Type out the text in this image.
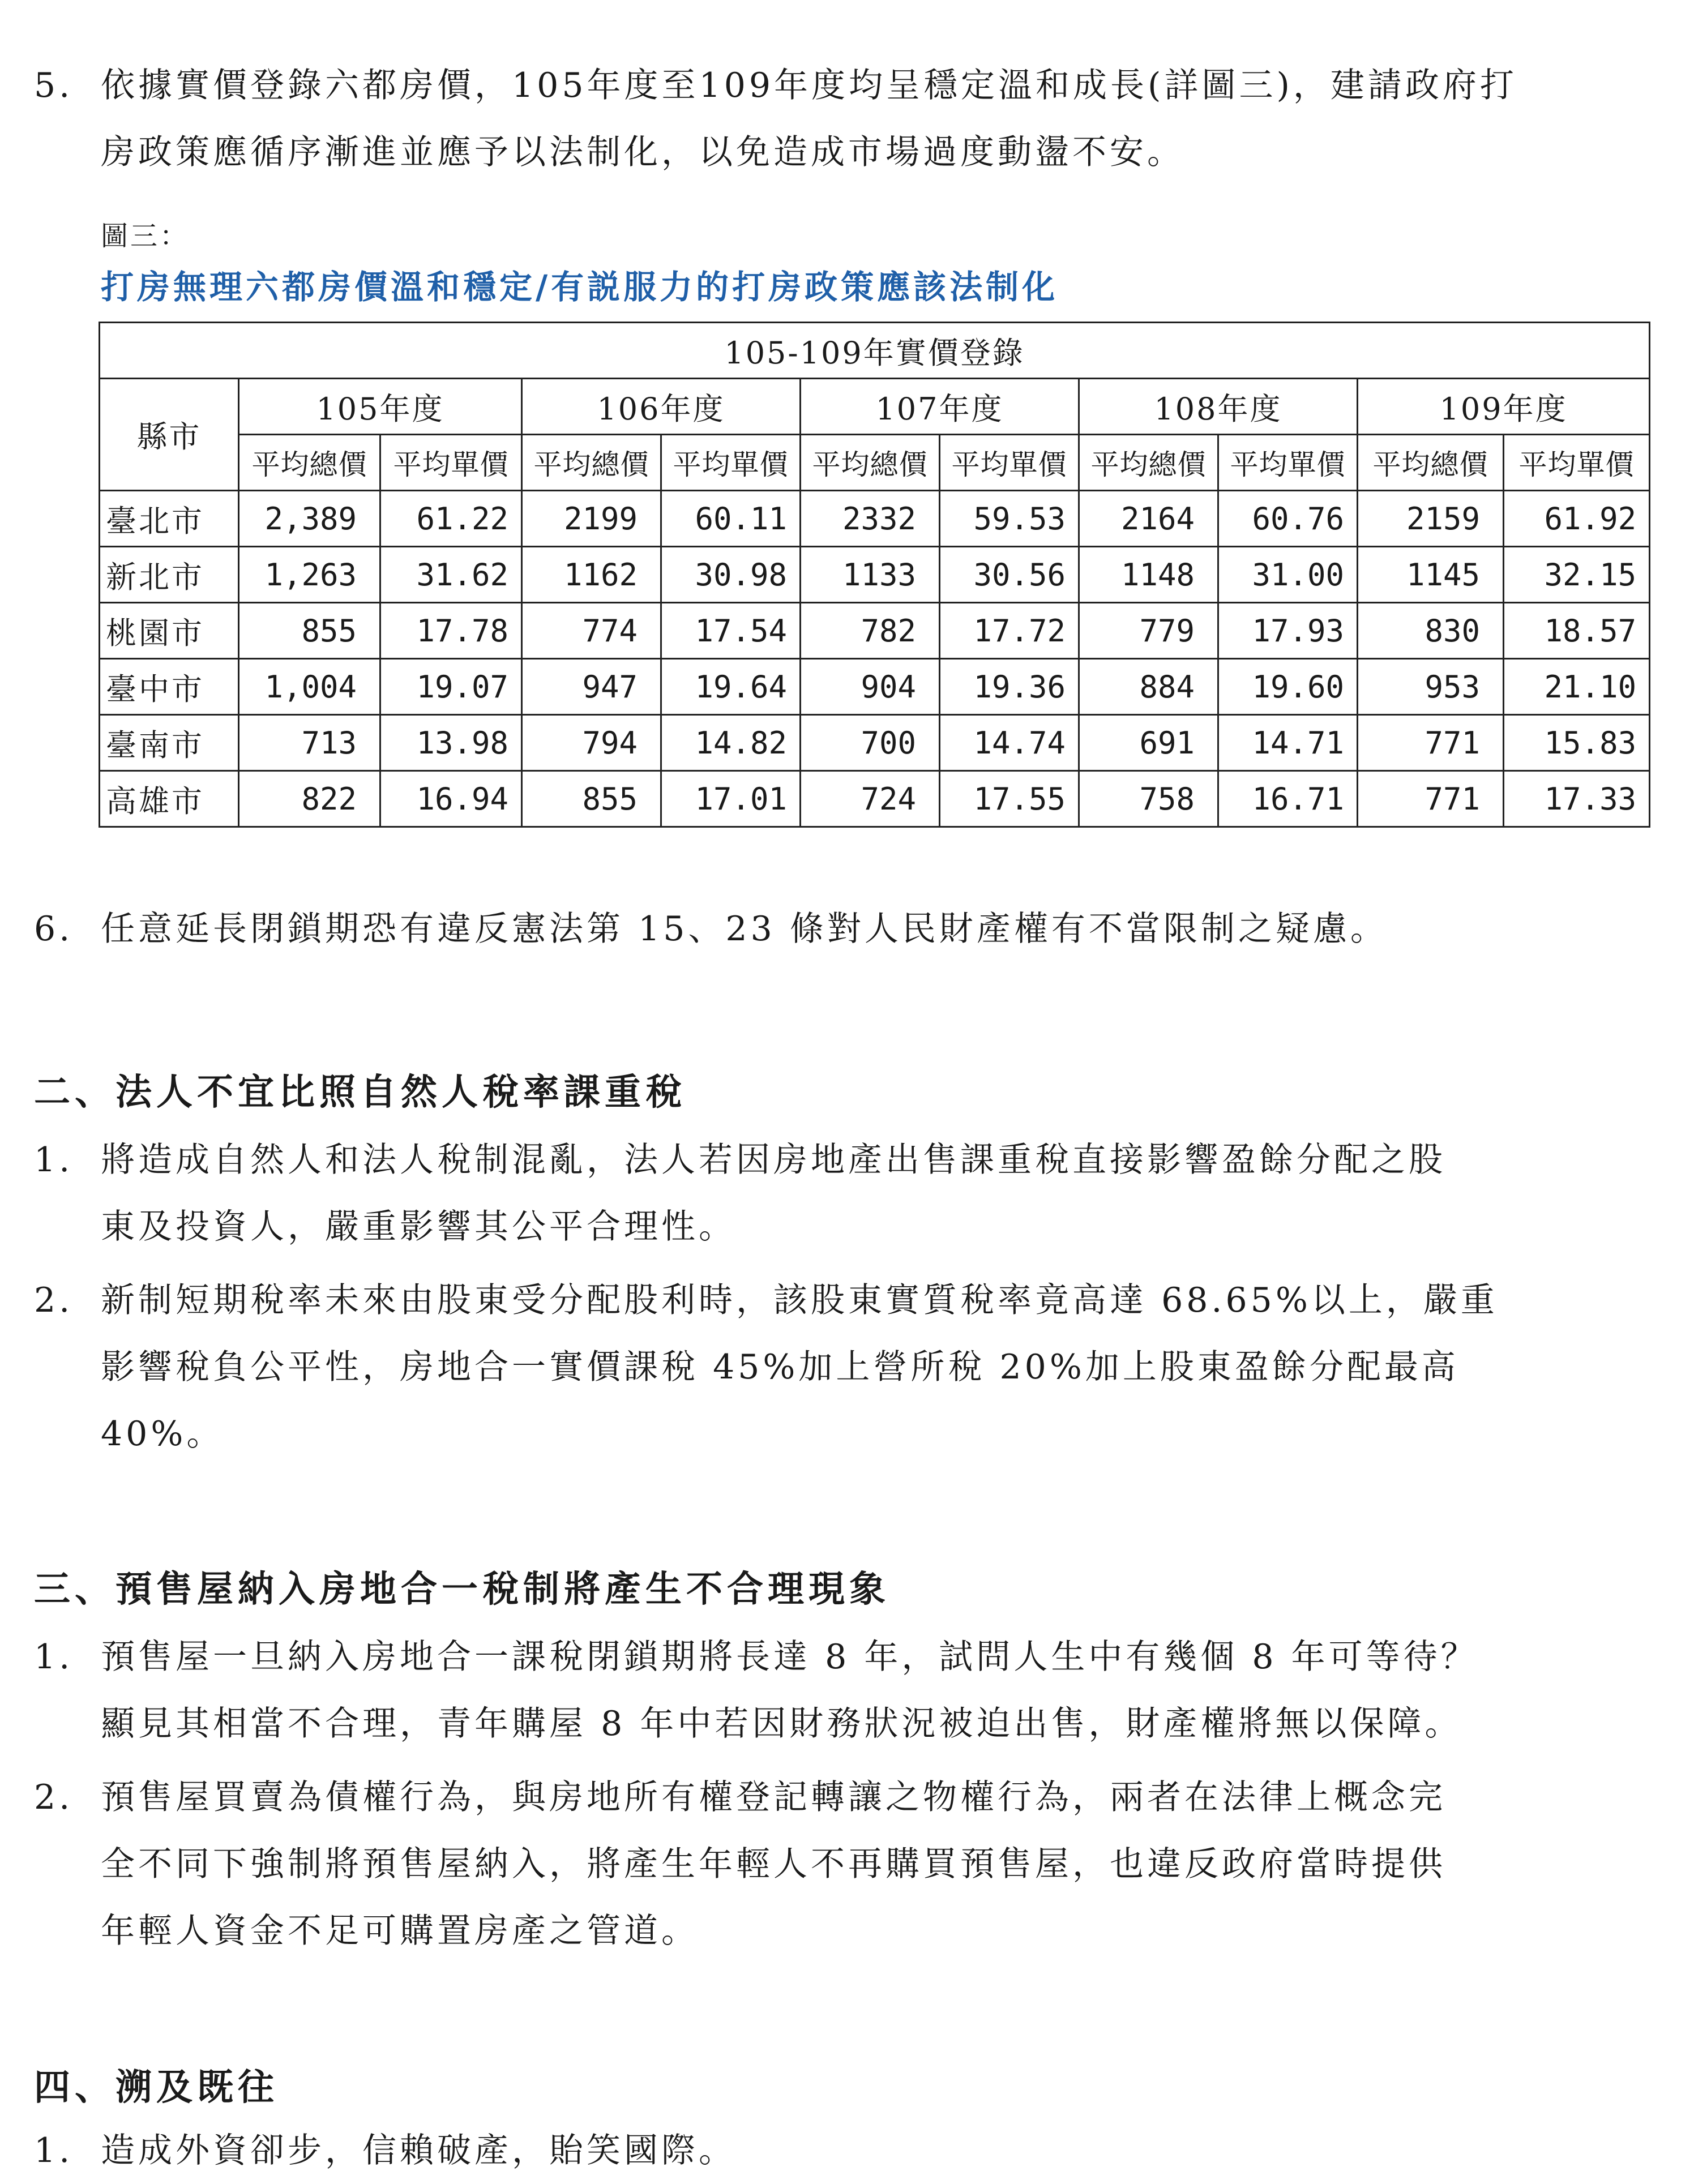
5. 依據實價登錄六都房價，105年度至109年度均呈穩定溫和成長(詳圖三)，建請政府打
房政策應循序漸進並應予以法制化，以免造成市場過度動盪不安。
圖三：
打房無理六都房價溫和穩定/有説服力的打房政策應該法制化
105-109年實價登錄										
縣市	105年度		106年度		107年度		108年度		109年度	
	平均總價	平均單價	平均總價	平均單價	平均總價	平均單價	平均總價	平均單價	平均總價	平均單價
臺北市	2,389	61.22	2199	60.11	2332	59.53	2164	60.76	2159	61.92
新北市	1,263	31.62	1162	30.98	1133	30.56	1148	31.00	1145	32.15
桃園市	855	17.78	774	17.54	782	17.72	779	17.93	830	18.57
臺中市	1,004	19.07	947	19.64	904	19.36	884	19.60	953	21.10
臺南市	713	13.98	794	14.82	700	14.74	691	14.71	771	15.83
高雄市	822	16.94	855	17.01	724	17.55	758	16.71	771	17.33
6. 任意延長閉鎖期恐有違反憲法第 15、23 條對人民財產權有不當限制之疑慮。
二、法人不宜比照自然人稅率課重稅
1. 將造成自然人和法人稅制混亂，法人若因房地產出售課重稅直接影響盈餘分配之股
東及投資人，嚴重影響其公平合理性。
2. 新制短期稅率未來由股東受分配股利時，該股東實質稅率竟高達 68.65%以上，嚴重
影響稅負公平性，房地合一實價課稅 45%加上營所稅 20%加上股東盈餘分配最高
40%。
三、預售屋納入房地合一稅制將產生不合理現象
1. 預售屋一旦納入房地合一課稅閉鎖期將長達 8 年，試問人生中有幾個 8 年可等待？
顯見其相當不合理，青年購屋 8 年中若因財務狀況被迫出售，財產權將無以保障。
2. 預售屋買賣為債權行為，與房地所有權登記轉讓之物權行為，兩者在法律上概念完
全不同下強制將預售屋納入，將產生年輕人不再購買預售屋，也違反政府當時提供
年輕人資金不足可購置房產之管道。
四、溯及既往
1. 造成外資卻步，信賴破產，貽笑國際。
